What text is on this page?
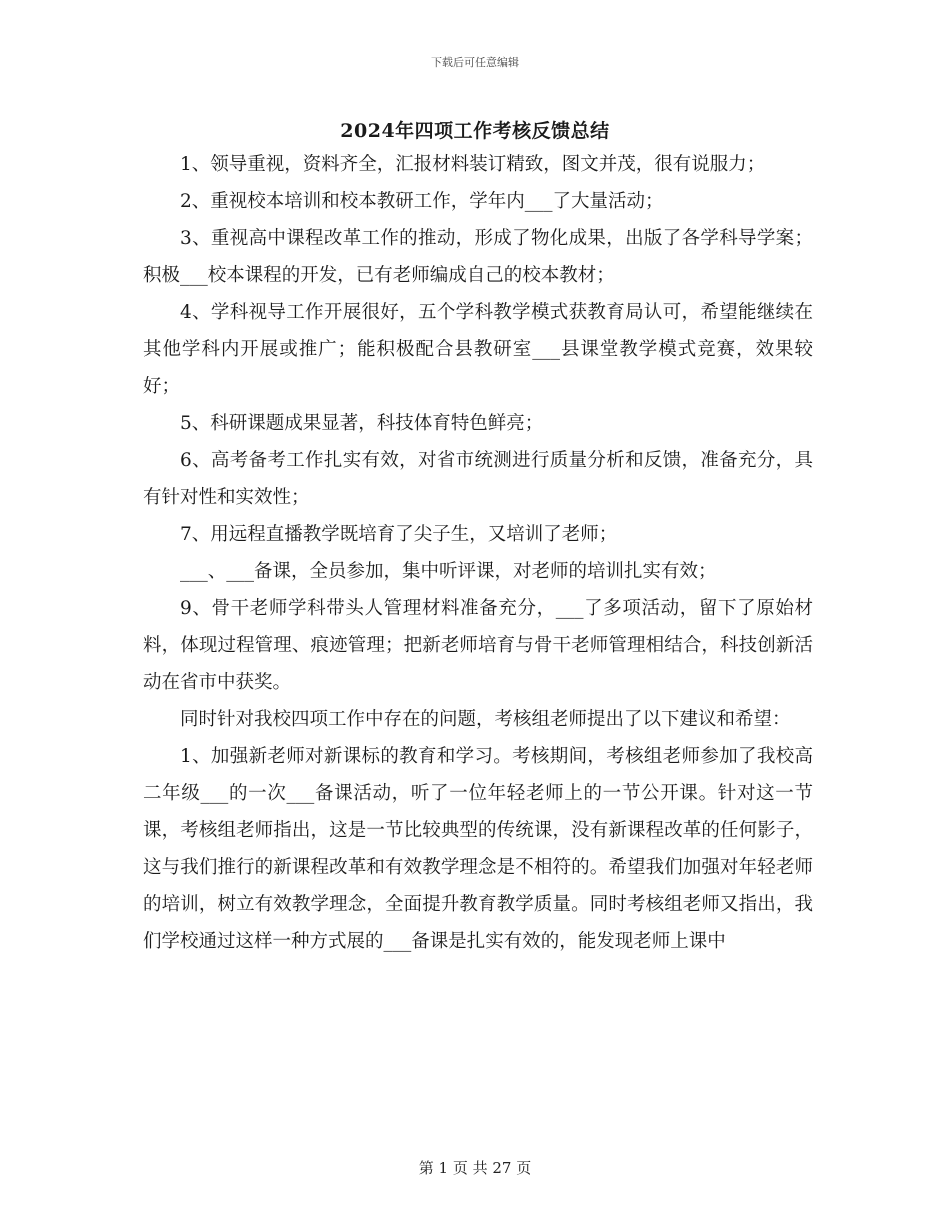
下载后可任意编辑
2024年四项工作考核反馈总结

1、领导重视，资料齐全，汇报材料装订精致，图文并茂，很有说服力；

2、重视校本培训和校本教研工作，学年内___了大量活动；

3、重视高中课程改革工作的推动，形成了物化成果，出版了各学科导学案；积极___校本课程的开发，已有老师编成自己的校本教材；

4、学科视导工作开展很好，五个学科教学模式获教育局认可，希望能继续在其他学科内开展或推广；能积极配合县教研室___县课堂教学模式竞赛，效果较好；

5、科研课题成果显著，科技体育特色鲜亮；

6、高考备考工作扎实有效，对省市统测进行质量分析和反馈，准备充分，具有针对性和实效性；

7、用远程直播教学既培育了尖子生，又培训了老师；

___、___备课，全员参加，集中听评课，对老师的培训扎实有效；

9、骨干老师学科带头人管理材料准备充分，___了多项活动，留下了原始材料，体现过程管理、痕迹管理；把新老师培育与骨干老师管理相结合，科技创新活动在省市中获奖。

同时针对我校四项工作中存在的问题，考核组老师提出了以下建议和希望：

1、加强新老师对新课标的教育和学习。考核期间，考核组老师参加了我校高二年级___的一次___备课活动，听了一位年轻老师上的一节公开课。针对这一节课，考核组老师指出，这是一节比较典型的传统课，没有新课程改革的任何影子，这与我们推行的新课程改革和有效教学理念是不相符的。希望我们加强对年轻老师的培训，树立有效教学理念，全面提升教育教学质量。同时考核组老师又指出，我们学校通过这样一种方式展的___备课是扎实有效的，能发现老师上课中

第 1 页 共 27 页
